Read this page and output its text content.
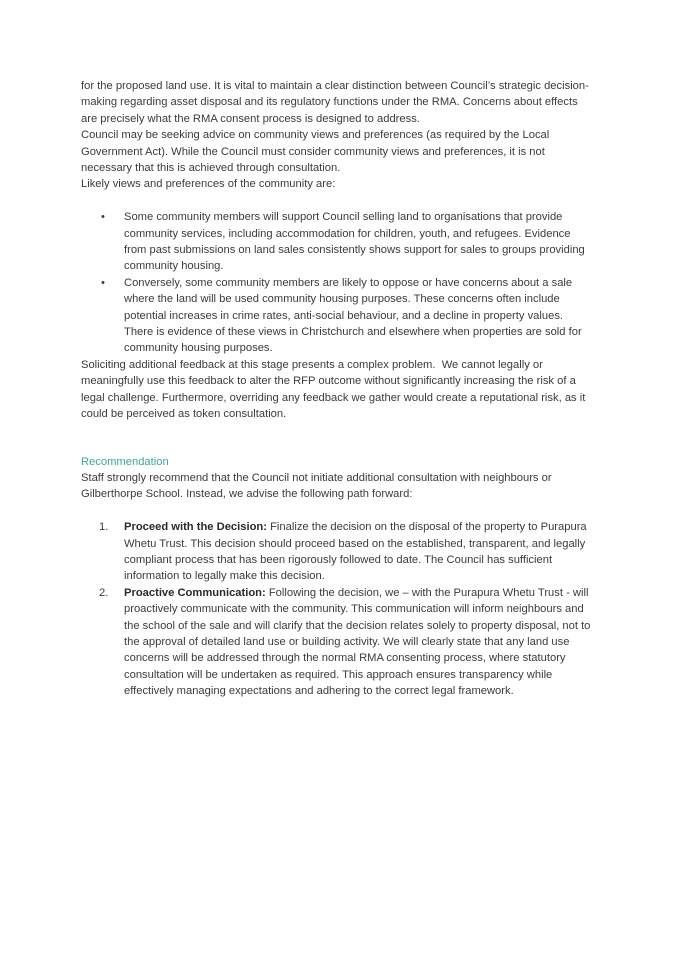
for the proposed land use. It is vital to maintain a clear distinction between Council’s strategic decision-making regarding asset disposal and its regulatory functions under the RMA. Concerns about effects are precisely what the RMA consent process is designed to address.

Council may be seeking advice on community views and preferences (as required by the Local Government Act). While the Council must consider community views and preferences, it is not necessary that this is achieved through consultation.

Likely views and preferences of the community are:

•	Some community members will support Council selling land to organisations that provide community services, including accommodation for children, youth, and refugees. Evidence from past submissions on land sales consistently shows support for sales to groups providing community housing.
•	Conversely, some community members are likely to oppose or have concerns about a sale where the land will be used community housing purposes. These concerns often include potential increases in crime rates, anti-social behaviour, and a decline in property values. There is evidence of these views in Christchurch and elsewhere when properties are sold for community housing purposes.

Soliciting additional feedback at this stage presents a complex problem.  We cannot legally or meaningfully use this feedback to alter the RFP outcome without significantly increasing the risk of a legal challenge. Furthermore, overriding any feedback we gather would create a reputational risk, as it could be perceived as token consultation.

Recommendation

Staff strongly recommend that the Council not initiate additional consultation with neighbours or Gilberthorpe School. Instead, we advise the following path forward:

1.	Proceed with the Decision: Finalize the decision on the disposal of the property to Purapura Whetu Trust. This decision should proceed based on the established, transparent, and legally compliant process that has been rigorously followed to date. The Council has sufficient information to legally make this decision.
2.	Proactive Communication: Following the decision, we – with the Purapura Whetu Trust - will proactively communicate with the community. This communication will inform neighbours and the school of the sale and will clarify that the decision relates solely to property disposal, not to the approval of detailed land use or building activity. We will clearly state that any land use concerns will be addressed through the normal RMA consenting process, where statutory consultation will be undertaken as required. This approach ensures transparency while effectively managing expectations and adhering to the correct legal framework.
